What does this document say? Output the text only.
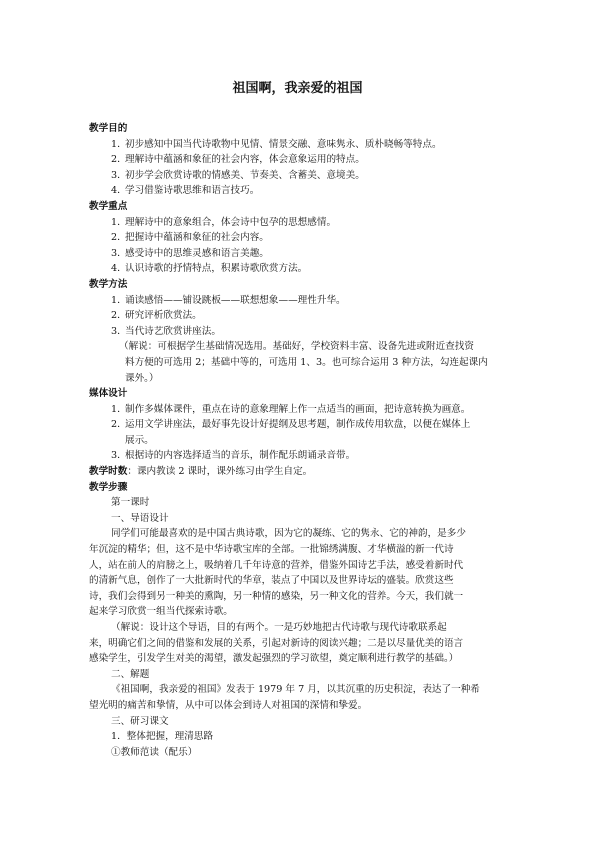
祖国啊，我亲爱的祖国
教学目的
1．
初步感知中国当代诗歌物中见情、情景交融、意味隽永、质朴晓畅等特点。
2．
理解诗中蕴涵和象征的社会内容，体会意象运用的特点。
3．
初步学会欣赏诗歌的情感美、节奏美、含蓄美、意境美。
4．
学习借鉴诗歌思维和语言技巧。
教学重点
1．
理解诗中的意象组合，体会诗中包孕的思想感情。
2．
把握诗中蕴涵和象征的社会内容。
3．
感受诗中的思维灵感和语言美趣。
4．
认识诗歌的抒情特点，积累诗歌欣赏方法。
教学方法
1．
诵读感悟——铺设跳板——联想想象——理性升华。
2．
研究评析欣赏法。
3．
当代诗艺欣赏讲座法。
（解说：可根据学生基础情况选用。基础好，学校资料丰富、设备先进或附近查找资
料方便的可选用 2；基础中等的，可选用 1、3。也可综合运用 3 种方法，勾连起课内
课外。）
媒体设计
1．
制作多媒体课件，重点在诗的意象理解上作一点适当的画面，把诗意转换为画意。
2．
运用文学讲座法，最好事先设计好提纲及思考题，制作成传用软盘，以便在媒体上
展示。
3．
根据诗的内容选择适当的音乐，制作配乐朗诵录音带。
教学时数：课内教读 2 课时，课外练习由学生自定。
教学步骤
第一课时
一、导语设计
同学们可能最喜欢的是中国古典诗歌，因为它的凝练、它的隽永、它的神韵，是多少
年沉淀的精华；但，这不是中华诗歌宝库的全部。一批锦绣满腹、才华横溢的新一代诗
人，站在前人的肩膀之上，吸纳着几千年诗意的营养，借鉴外国诗艺手法，感受着新时代
的清新气息，创作了一大批新时代的华章，装点了中国以及世界诗坛的盛装。欣赏这些
诗，我们会得到另一种美的熏陶，另一种情的感染，另一种文化的营养。今天，我们就一
起来学习欣赏一组当代探索诗歌。
（解说：设计这个导语，目的有两个。一是巧妙地把古代诗歌与现代诗歌联系起
来，明确它们之间的借鉴和发展的关系，引起对新诗的阅读兴趣；二是以尽量优美的语言
感染学生，引发学生对美的渴望，激发起强烈的学习欲望，奠定顺利进行教学的基础。）
二、解题
《祖国啊，我亲爱的祖国》发表于 1979 年 7 月，以其沉重的历史积淀，表达了一种希
望光明的痛苦和挚情，从中可以体会到诗人对祖国的深情和挚爱。
三、研习课文
1．整体把握，理清思路
①教师范读（配乐）
